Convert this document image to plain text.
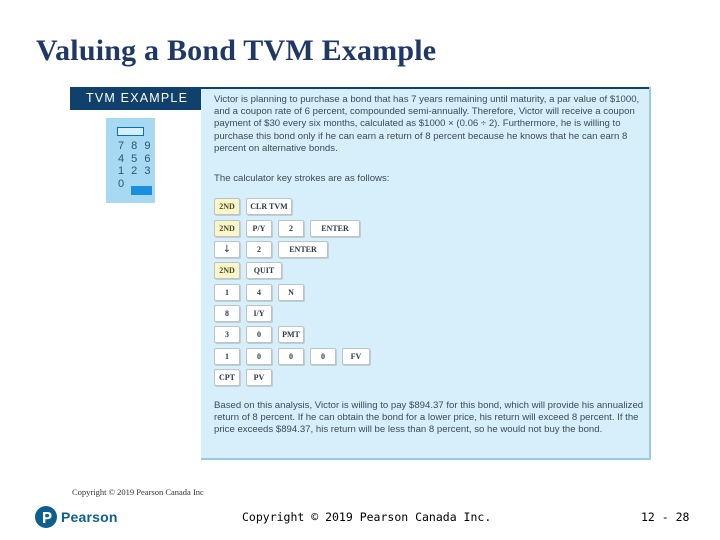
Valuing a Bond TVM Example
TVM EXAMPLE	Victor is planning to purchase a bond that has 7 years remaining until maturity, a par value of $1000, and a coupon rate of 6 percent, compounded semi-annually. Therefore, Victor will receive a coupon payment of $30 every six months, calculated as $1000 × (0.06 ÷ 2). Furthermore, he is willing to purchase this bond only if he can earn a return of 8 percent because he knows that he can earn 8 percent on alternative bonds.
The calculator key strokes are as follows:
2ND	CLR TVM
2ND	P/Y	2	ENTER
↓	2	ENTER
2ND	QUIT
1	4	N
8	I/Y
3	0	PMT
1	0	0	0	FV
CPT	PV
Based on this analysis, Victor is willing to pay $894.37 for this bond, which will provide his annualized return of 8 percent. If he can obtain the bond for a lower price, his return will exceed 8 percent. If the price exceeds $894.37, his return will be less than 8 percent, so he would not buy the bond.
7 8 9
4 5 6
1 2 3
0
Copyright © 2019 Pearson Canada Inc
Pearson	Copyright © 2019 Pearson Canada Inc.	12 - 28
